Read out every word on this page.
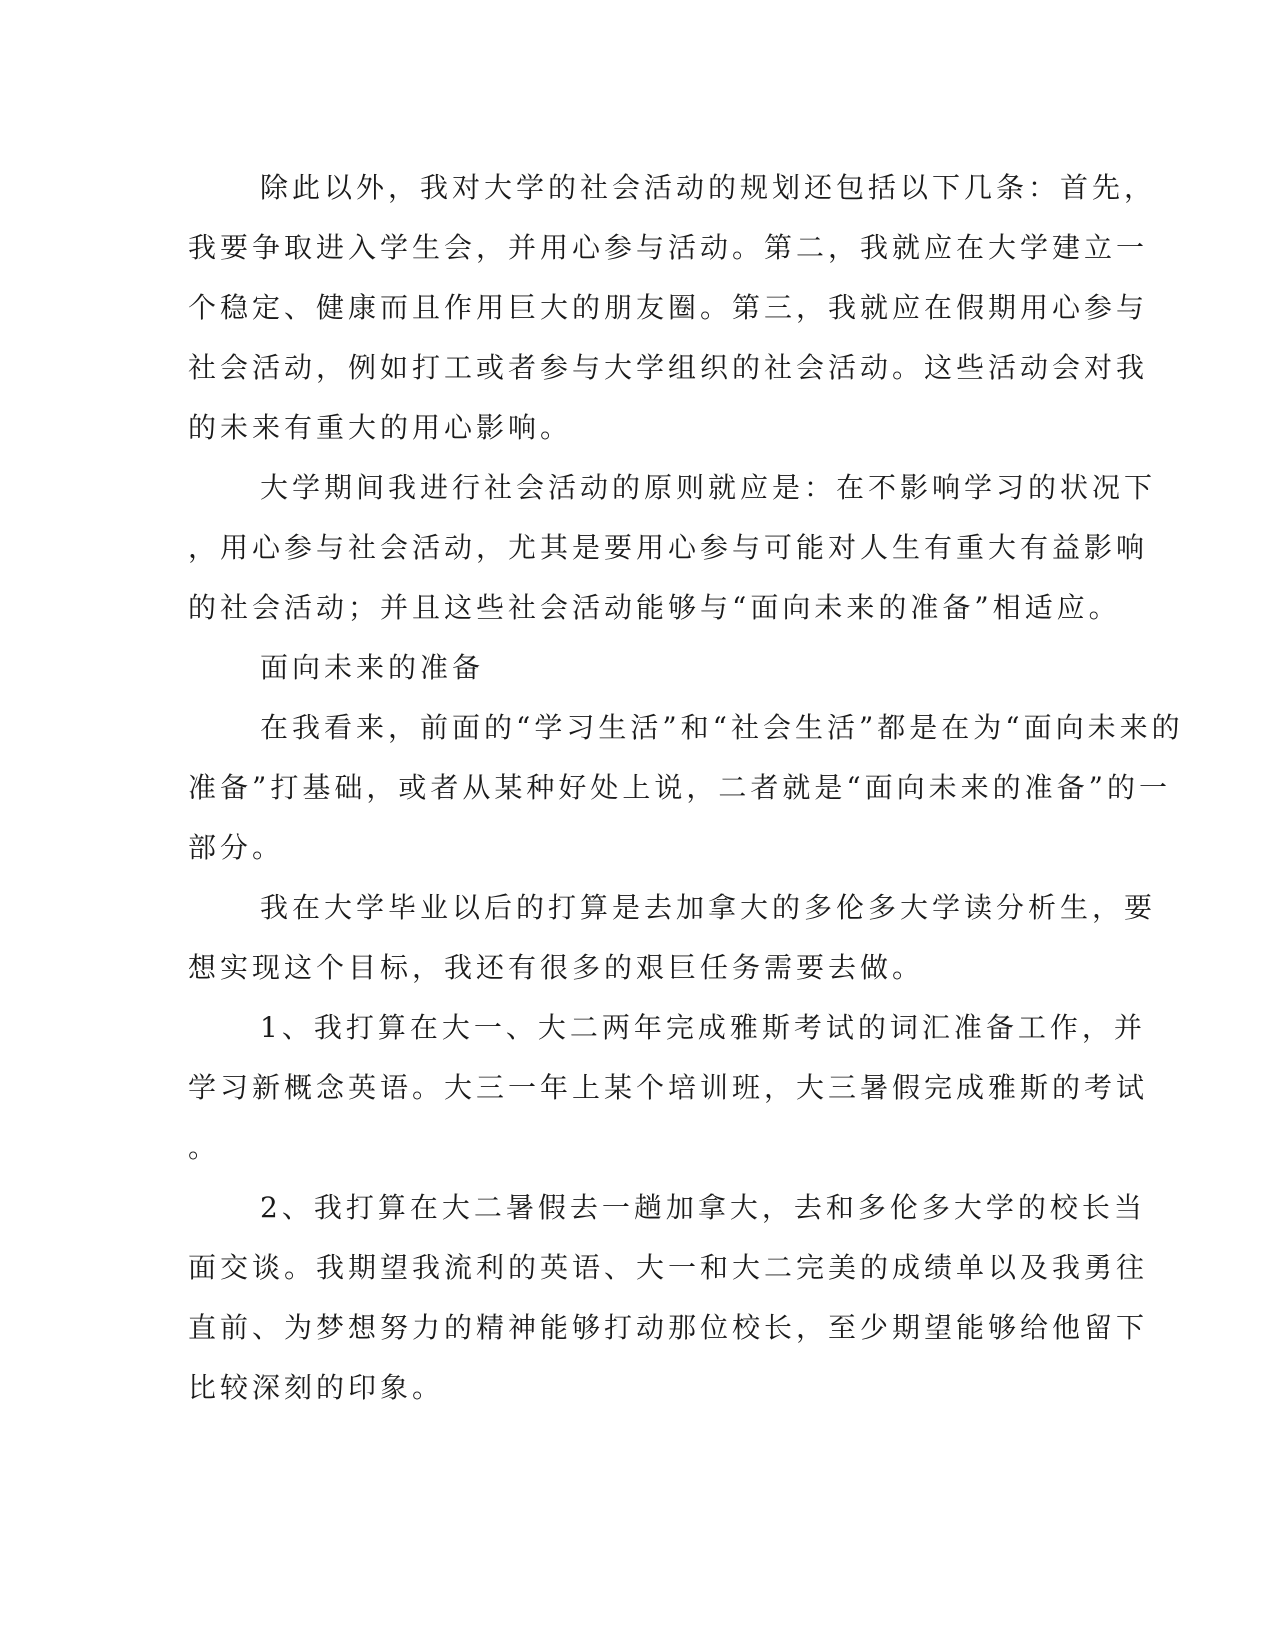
除此以外，我对大学的社会活动的规划还包括以下几条：首先，
我要争取进入学生会，并用心参与活动。第二，我就应在大学建立一
个稳定、健康而且作用巨大的朋友圈。第三，我就应在假期用心参与
社会活动，例如打工或者参与大学组织的社会活动。这些活动会对我
的未来有重大的用心影响。
大学期间我进行社会活动的原则就应是：在不影响学习的状况下
，用心参与社会活动，尤其是要用心参与可能对人生有重大有益影响
的社会活动；并且这些社会活动能够与“面向未来的准备”相适应。
面向未来的准备
在我看来，前面的“学习生活”和“社会生活”都是在为“面向未来的
准备”打基础，或者从某种好处上说，二者就是“面向未来的准备”的一
部分。
我在大学毕业以后的打算是去加拿大的多伦多大学读分析生，要
想实现这个目标，我还有很多的艰巨任务需要去做。
1、我打算在大一、大二两年完成雅斯考试的词汇准备工作，并
学习新概念英语。大三一年上某个培训班，大三暑假完成雅斯的考试
。
2、我打算在大二暑假去一趟加拿大，去和多伦多大学的校长当
面交谈。我期望我流利的英语、大一和大二完美的成绩单以及我勇往
直前、为梦想努力的精神能够打动那位校长，至少期望能够给他留下
比较深刻的印象。
